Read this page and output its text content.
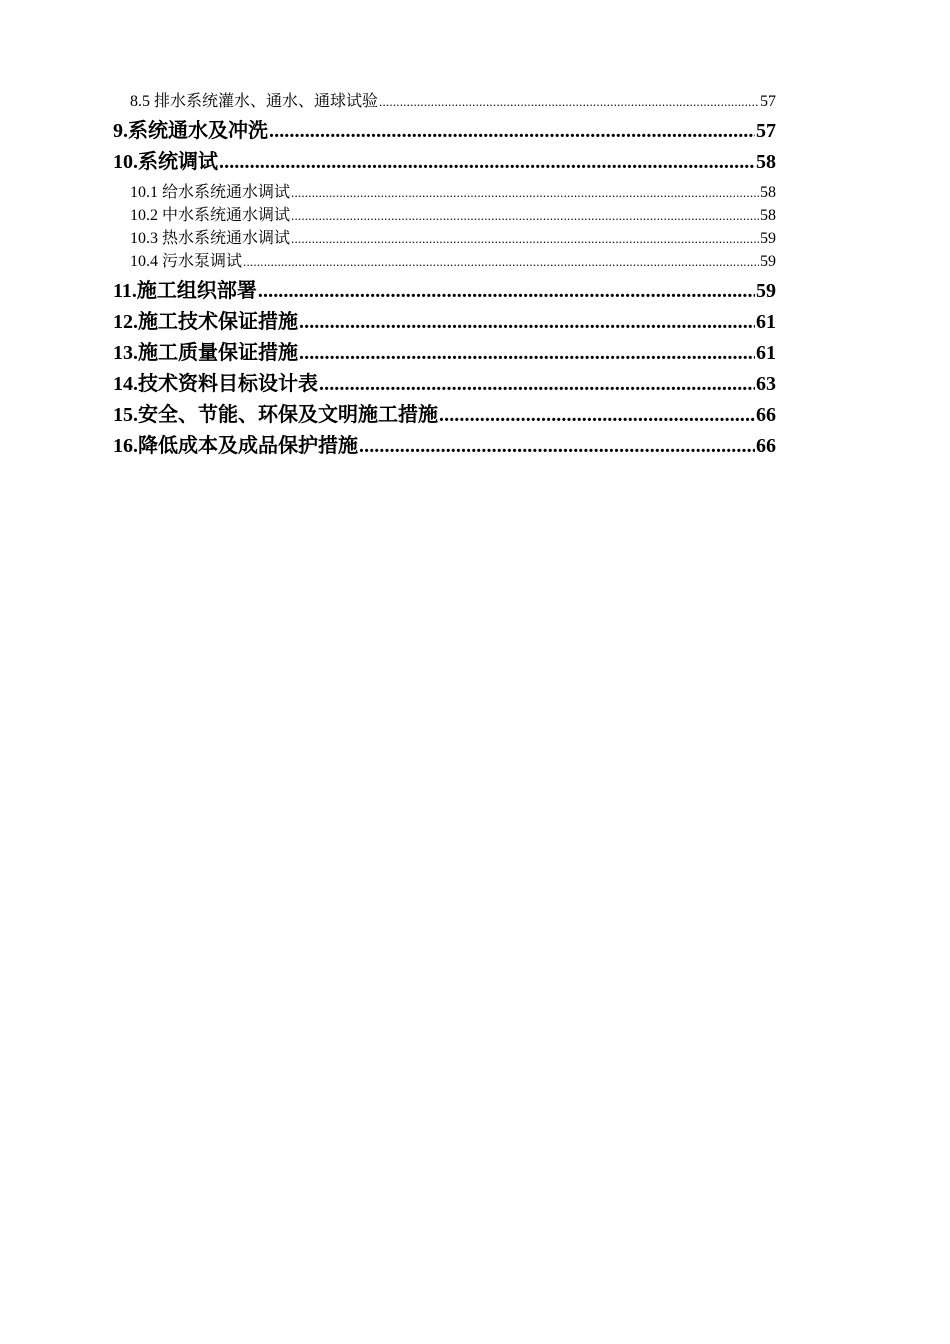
8.5 排水系统灌水、通水、通球试验 .....	57
9.系统通水及冲洗 .....	57
10.系统调试 .....	58
10.1 给水系统通水调试 .....	58
10.2 中水系统通水调试 .....	58
10.3 热水系统通水调试 .....	59
10.4 污水泵调试 .....	59
11.施工组织部署 .....	59
12.施工技术保证措施 .....	61
13.施工质量保证措施 .....	61
14.技术资料目标设计表 .....	63
15.安全、节能、环保及文明施工措施 .....	66
16.降低成本及成品保护措施 .....	66
